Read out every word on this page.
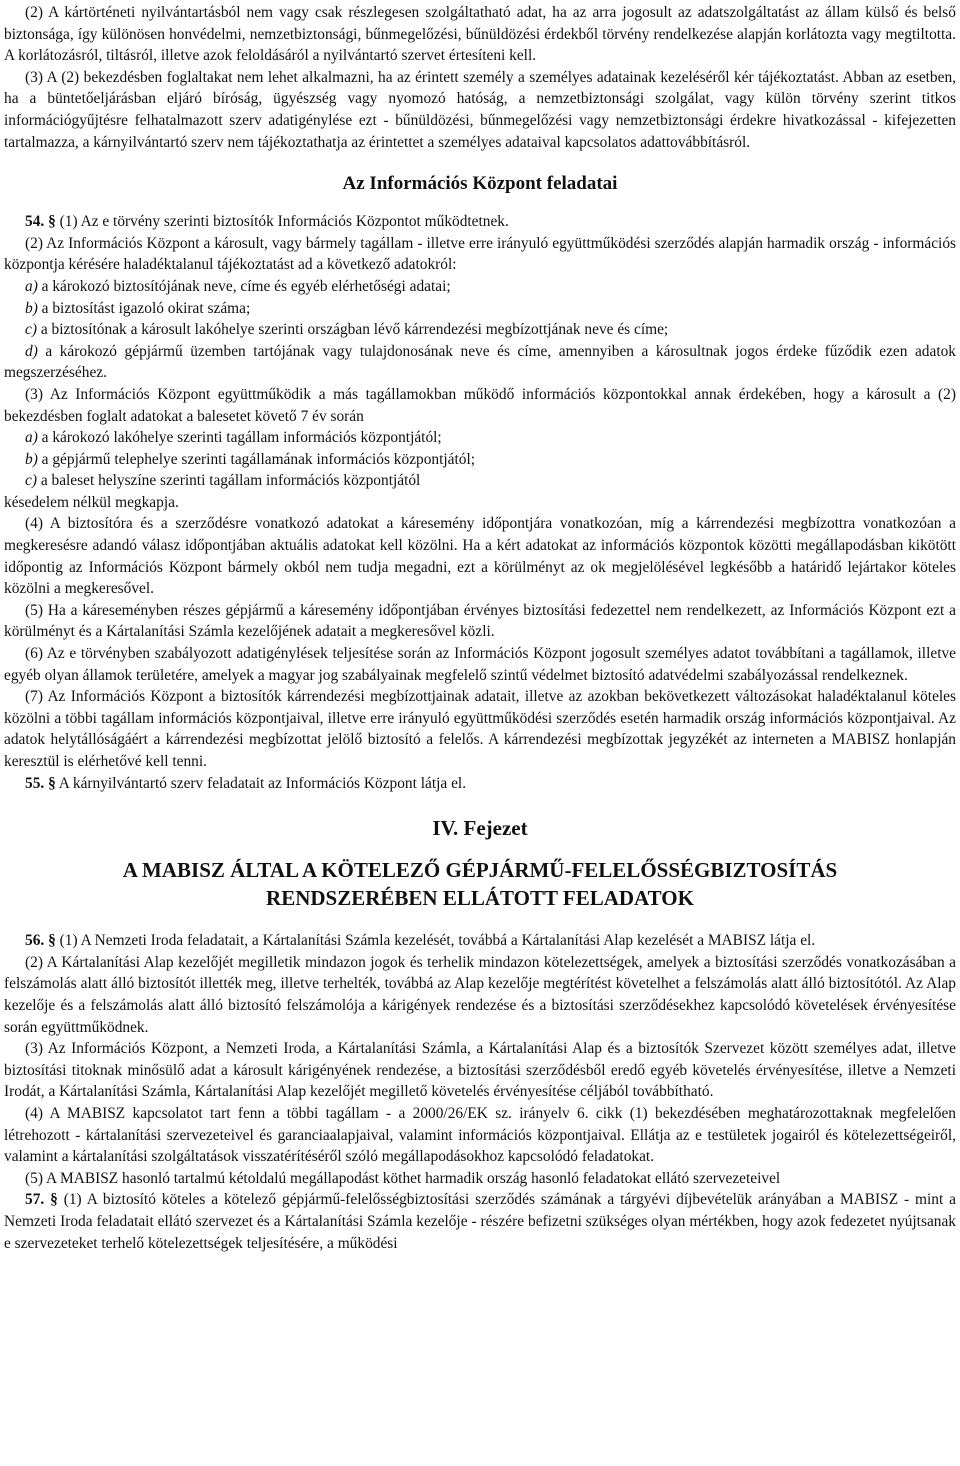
(2) A kártörténeti nyilvántartásból nem vagy csak részlegesen szolgáltatható adat, ha az arra jogosult az adatszolgáltatást az állam külső és belső biztonsága, így különösen honvédelmi, nemzetbiztonsági, bűnmegelőzési, bűnüldözési érdekből törvény rendelkezése alapján korlátozta vagy megtiltotta. A korlátozásról, tiltásról, illetve azok feloldásáról a nyilvántartó szervet értesíteni kell.

(3) A (2) bekezdésben foglaltakat nem lehet alkalmazni, ha az érintett személy a személyes adatainak kezeléséről kér tájékoztatást. Abban az esetben, ha a büntetőeljárásban eljáró bíróság, ügyészség vagy nyomozó hatóság, a nemzetbiztonsági szolgálat, vagy külön törvény szerint titkos információgyűjtésre felhatalmazott szerv adatigénylése ezt - bűnüldözési, bűnmegelőzési vagy nemzetbiztonsági érdekre hivatkozással - kifejezetten tartalmazza, a kárnyilvántartó szerv nem tájékoztathatja az érintettet a személyes adataival kapcsolatos adattovábbításról.

Az Információs Központ feladatai

54. § (1) Az e törvény szerinti biztosítók Információs Központot működtetnek.

(2) Az Információs Központ a károsult, vagy bármely tagállam - illetve erre irányuló együttműködési szerződés alapján harmadik ország - információs központja kérésére haladéktalanul tájékoztatást ad a következő adatokról:

a) a károkozó biztosítójának neve, címe és egyéb elérhetőségi adatai;

b) a biztosítást igazoló okirat száma;

c) a biztosítónak a károsult lakóhelye szerinti országban lévő kárrendezési megbízottjának neve és címe;

d) a károkozó gépjármű üzemben tartójának vagy tulajdonosának neve és címe, amennyiben a károsultnak jogos érdeke fűződik ezen adatok megszerzéséhez.

(3) Az Információs Központ együttműködik a más tagállamokban működő információs központokkal annak érdekében, hogy a károsult a (2) bekezdésben foglalt adatokat a balesetet követő 7 év során

a) a károkozó lakóhelye szerinti tagállam információs központjától;

b) a gépjármű telephelye szerinti tagállamának információs központjától;

c) a baleset helyszíne szerinti tagállam információs központjától

késedelem nélkül megkapja.

(4) A biztosítóra és a szerződésre vonatkozó adatokat a káresemény időpontjára vonatkozóan, míg a kárrendezési megbízottra vonatkozóan a megkeresésre adandó válasz időpontjában aktuális adatokat kell közölni. Ha a kért adatokat az információs központok közötti megállapodásban kikötött időpontig az Információs Központ bármely okból nem tudja megadni, ezt a körülményt az ok megjelölésével legkésőbb a határidő lejártakor köteles közölni a megkeresővel.

(5) Ha a káreseményben részes gépjármű a káresemény időpontjában érvényes biztosítási fedezettel nem rendelkezett, az Információs Központ ezt a körülményt és a Kártalanítási Számla kezelőjének adatait a megkeresővel közli.

(6) Az e törvényben szabályozott adatigénylések teljesítése során az Információs Központ jogosult személyes adatot továbbítani a tagállamok, illetve egyéb olyan államok területére, amelyek a magyar jog szabályainak megfelelő szintű védelmet biztosító adatvédelmi szabályozással rendelkeznek.

(7) Az Információs Központ a biztosítók kárrendezési megbízottjainak adatait, illetve az azokban bekövetkezett változásokat haladéktalanul köteles közölni a többi tagállam információs központjaival, illetve erre irányuló együttműködési szerződés esetén harmadik ország információs központjaival. Az adatok helytállóságáért a kárrendezési megbízottat jelölő biztosító a felelős. A kárrendezési megbízottak jegyzékét az interneten a MABISZ honlapján keresztül is elérhetővé kell tenni.

55. § A kárnyilvántartó szerv feladatait az Információs Központ látja el.

IV. Fejezet
A MABISZ ÁLTAL A KÖTELEZŐ GÉPJÁRMŰ-FELELŐSSÉGBIZTOSÍTÁS
RENDSZERÉBEN ELLÁTOTT FELADATOK

56. § (1) A Nemzeti Iroda feladatait, a Kártalanítási Számla kezelését, továbbá a Kártalanítási Alap kezelését a MABISZ látja el.

(2) A Kártalanítási Alap kezelőjét megilletik mindazon jogok és terhelik mindazon kötelezettségek, amelyek a biztosítási szerződés vonatkozásában a felszámolás alatt álló biztosítót illették meg, illetve terhelték, továbbá az Alap kezelője megtérítést követelhet a felszámolás alatt álló biztosítótól. Az Alap kezelője és a felszámolás alatt álló biztosító felszámolója a kárigények rendezése és a biztosítási szerződésekhez kapcsolódó követelések érvényesítése során együttműködnek.

(3) Az Információs Központ, a Nemzeti Iroda, a Kártalanítási Számla, a Kártalanítási Alap és a biztosítók Szervezet között személyes adat, illetve biztosítási titoknak minősülő adat a károsult kárigényének rendezése, a biztosítási szerződésből eredő egyéb követelés érvényesítése, illetve a Nemzeti Irodát, a Kártalanítási Számla, Kártalanítási Alap kezelőjét megillető követelés érvényesítése céljából továbbítható.

(4) A MABISZ kapcsolatot tart fenn a többi tagállam - a 2000/26/EK sz. irányelv 6. cikk (1) bekezdésében meghatározottaknak megfelelően létrehozott - kártalanítási szervezeteivel és garanciaalapjaival, valamint információs központjaival. Ellátja az e testületek jogairól és kötelezettségeiről, valamint a kártalanítási szolgáltatások visszatérítéséről szóló megállapodásokhoz kapcsolódó feladatokat.

(5) A MABISZ hasonló tartalmú kétoldalú megállapodást köthet harmadik ország hasonló feladatokat ellátó szervezeteivel

57. § (1) A biztosító köteles a kötelező gépjármű-felelősségbiztosítási szerződés számának a tárgyévi díjbevételük arányában a MABISZ - mint a Nemzeti Iroda feladatait ellátó szervezet és a Kártalanítási Számla kezelője - részére befizetni szükséges olyan mértékben, hogy azok fedezetet nyújtsanak e szervezeteket terhelő kötelezettségek teljesítésére, a működési
